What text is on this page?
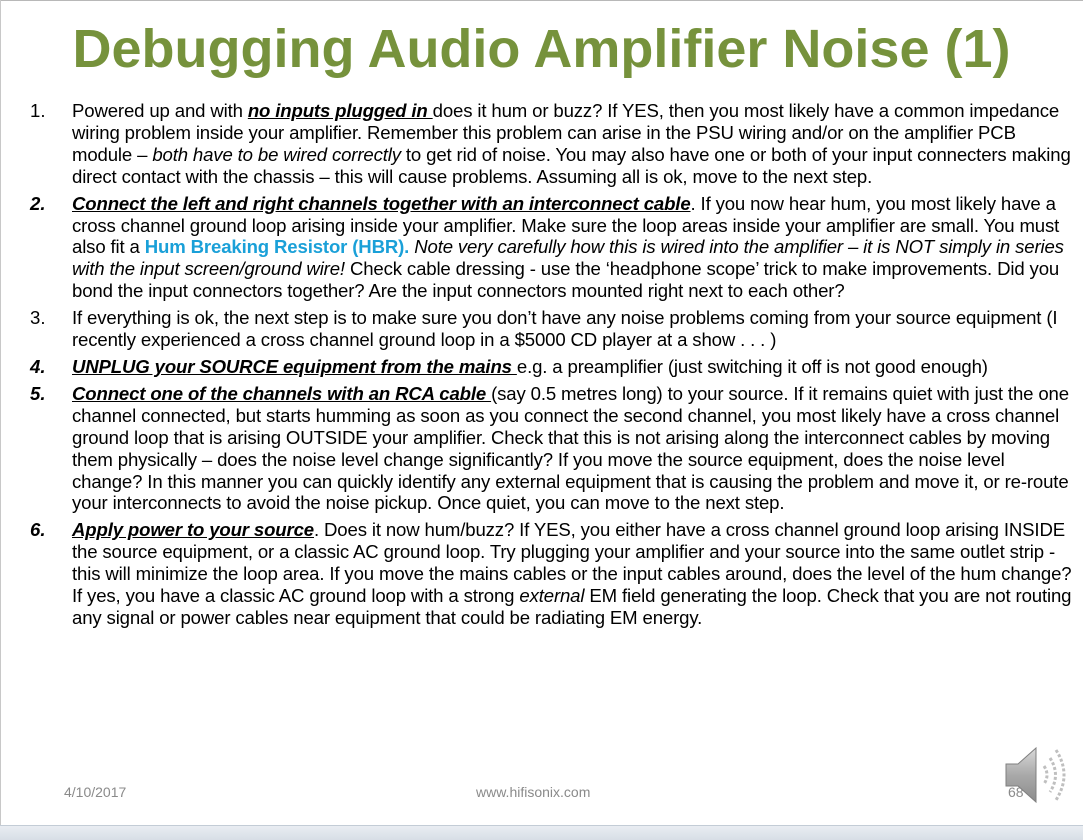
Debugging Audio Amplifier Noise (1)
1.	Powered up and with no inputs plugged in does it hum or buzz? If YES, then you most likely have a common impedance wiring problem inside your amplifier. Remember this problem can arise in the PSU wiring and/or on the amplifier PCB module – both have to be wired correctly to get rid of noise. You may also have one or both of your input connecters making direct contact with the chassis – this will cause problems. Assuming all is ok, move to the next step.
2.	Connect the left and right channels together with an interconnect cable. If you now hear hum, you most likely have a cross channel ground loop arising inside your amplifier. Make sure the loop areas inside your amplifier are small. You must also fit a Hum Breaking Resistor (HBR). Note very carefully how this is wired into the amplifier – it is NOT simply in series with the input screen/ground wire! Check cable dressing - use the ‘headphone scope’ trick to make improvements. Did you bond the input connectors together? Are the input connectors mounted right next to each other?
3.	If everything is ok, the next step is to make sure you don’t have any noise problems coming from your source equipment (I recently experienced a cross channel ground loop in a $5000 CD player at a show . . . )
4.	UNPLUG your SOURCE equipment from the mains e.g. a preamplifier (just switching it off is not good enough)
5.	Connect one of the channels with an RCA cable (say 0.5 metres long) to your source. If it remains quiet with just the one channel connected, but starts humming as soon as you connect the second channel, you most likely have a cross channel ground loop that is arising OUTSIDE your amplifier. Check that this is not arising along the interconnect cables by moving them physically – does the noise level change significantly? If you move the source equipment, does the noise level change? In this manner you can quickly identify any external equipment that is causing the problem and move it, or re-route your interconnects to avoid the noise pickup. Once quiet, you can move to the next step.
6.	Apply power to your source. Does it now hum/buzz? If YES, you either have a cross channel ground loop arising INSIDE the source equipment, or a classic AC ground loop. Try plugging your amplifier and your source into the same outlet strip - this will minimize the loop area. If you move the mains cables or the input cables around, does the level of the hum change? If yes, you have a classic AC ground loop with a strong external EM field generating the loop. Check that you are not routing any signal or power cables near equipment that could be radiating EM energy.
4/10/2017	www.hifisonix.com	68
